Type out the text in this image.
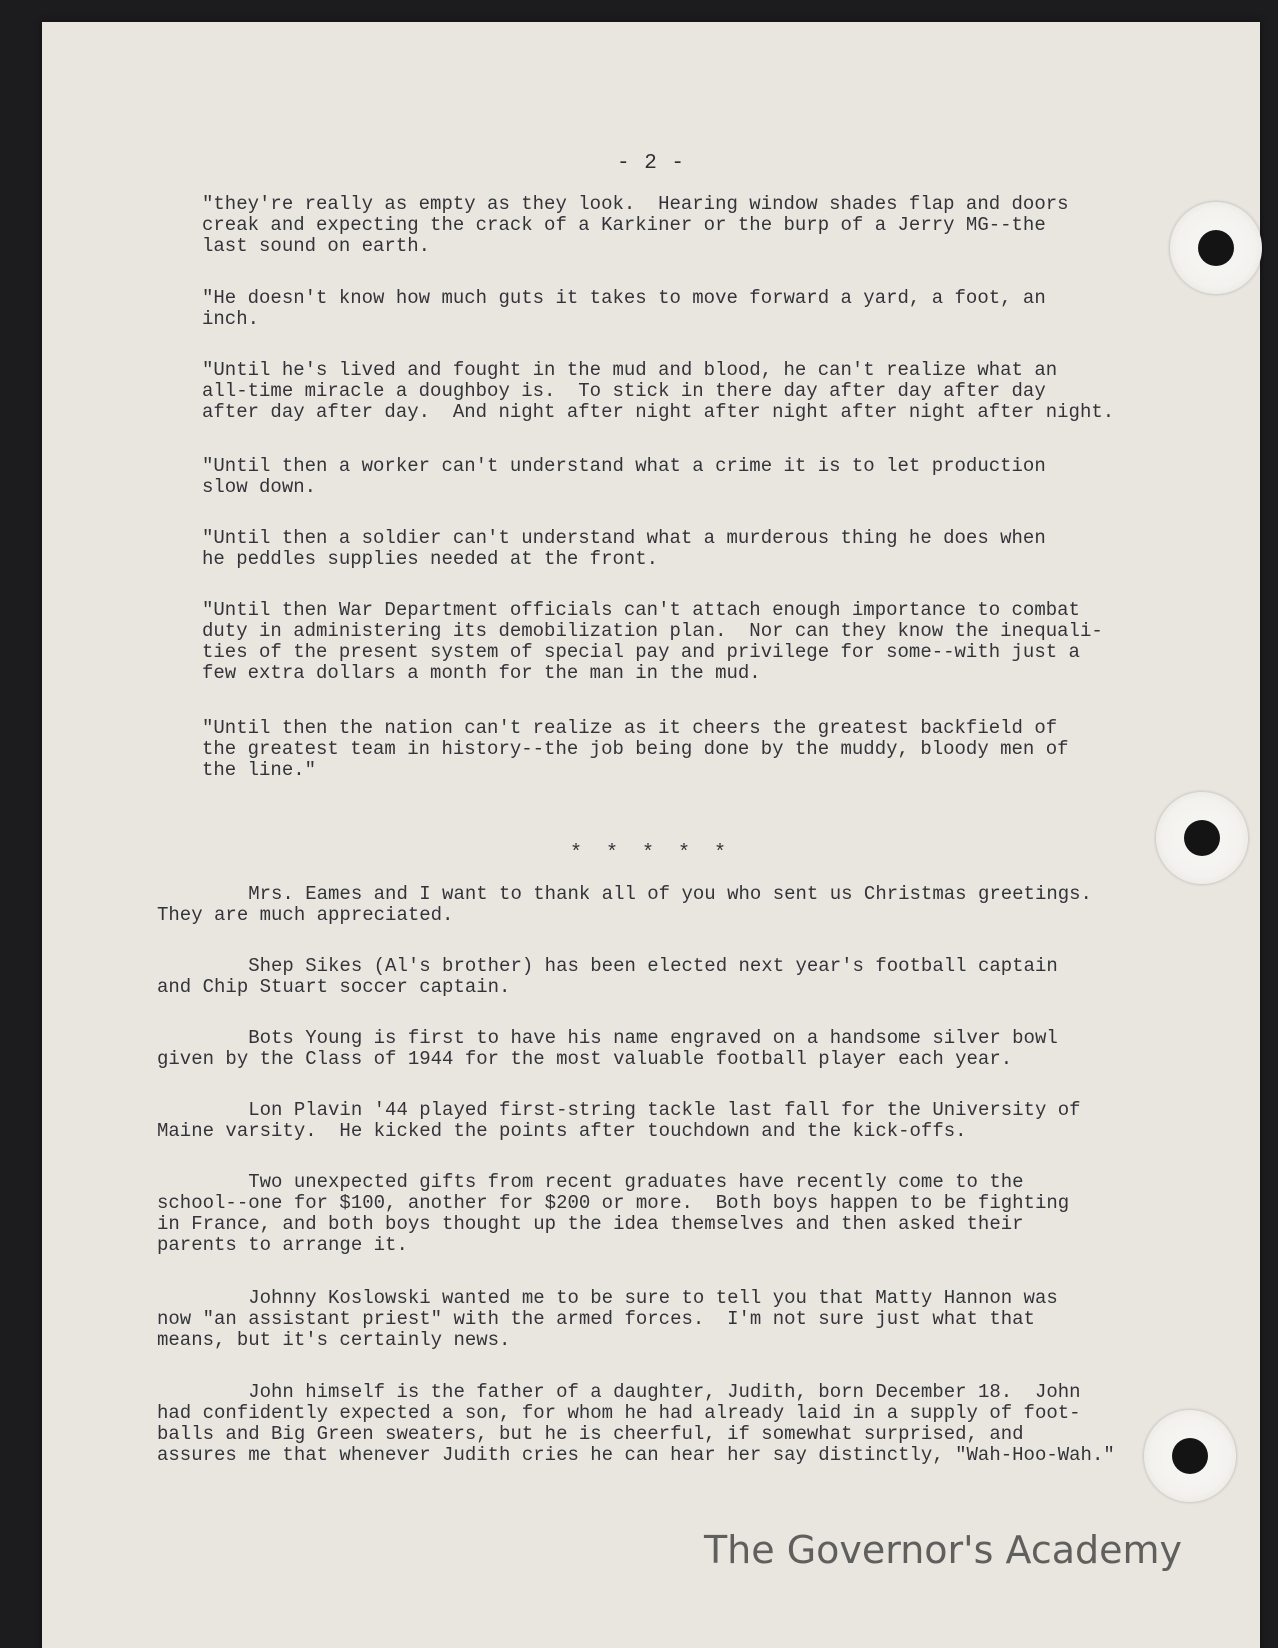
- 2 -
"they're really as empty as they look.  Hearing window shades flap and doors
creak and expecting the crack of a Karkiner or the burp of a Jerry MG--the
last sound on earth.
"He doesn't know how much guts it takes to move forward a yard, a foot, an
inch.
"Until he's lived and fought in the mud and blood, he can't realize what an
all-time miracle a doughboy is.  To stick in there day after day after day
after day after day.  And night after night after night after night after night.
"Until then a worker can't understand what a crime it is to let production
slow down.
"Until then a soldier can't understand what a murderous thing he does when
he peddles supplies needed at the front.
"Until then War Department officials can't attach enough importance to combat
duty in administering its demobilization plan.  Nor can they know the inequali-
ties of the present system of special pay and privilege for some--with just a
few extra dollars a month for the man in the mud.
"Until then the nation can't realize as it cheers the greatest backfield of
the greatest team in history--the job being done by the muddy, bloody men of
the line."
* * * * *
Mrs. Eames and I want to thank all of you who sent us Christmas greetings.
They are much appreciated.
Shep Sikes (Al's brother) has been elected next year's football captain
and Chip Stuart soccer captain.
Bots Young is first to have his name engraved on a handsome silver bowl
given by the Class of 1944 for the most valuable football player each year.
Lon Plavin '44 played first-string tackle last fall for the University of
Maine varsity.  He kicked the points after touchdown and the kick-offs.
Two unexpected gifts from recent graduates have recently come to the
school--one for $100, another for $200 or more.  Both boys happen to be fighting
in France, and both boys thought up the idea themselves and then asked their
parents to arrange it.
Johnny Koslowski wanted me to be sure to tell you that Matty Hannon was
now "an assistant priest" with the armed forces.  I'm not sure just what that
means, but it's certainly news.
John himself is the father of a daughter, Judith, born December 18.  John
had confidently expected a son, for whom he had already laid in a supply of foot-
balls and Big Green sweaters, but he is cheerful, if somewhat surprised, and
assures me that whenever Judith cries he can hear her say distinctly, "Wah-Hoo-Wah."
The Governor's Academy
